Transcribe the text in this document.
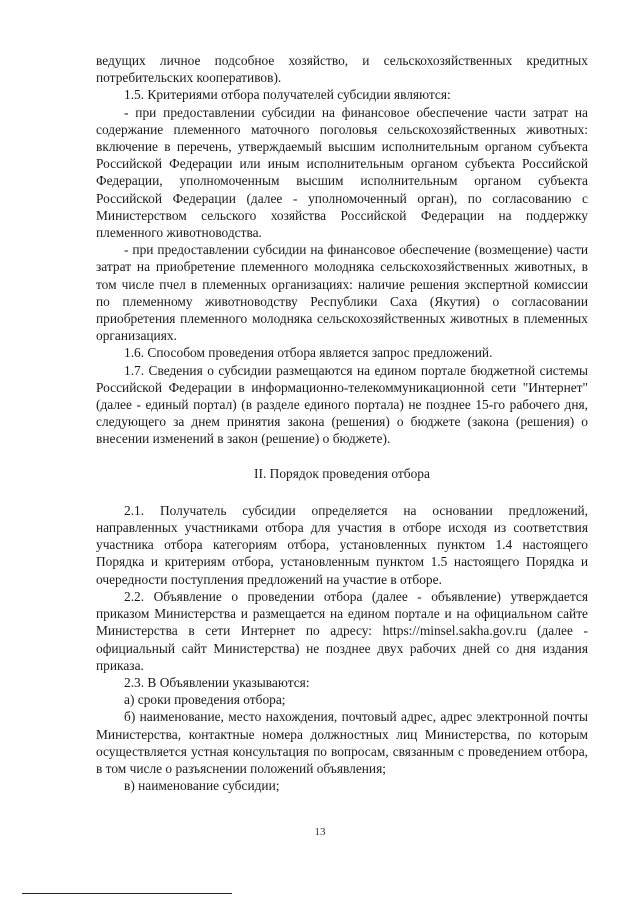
ведущих личное подсобное хозяйство, и сельскохозяйственных кредитных потребительских кооперативов).

1.5. Критериями отбора получателей субсидии являются:

- при предоставлении субсидии на финансовое обеспечение части затрат на содержание племенного маточного поголовья сельскохозяйственных животных: включение в перечень, утверждаемый высшим исполнительным органом субъекта Российской Федерации или иным исполнительным органом субъекта Российской Федерации, уполномоченным высшим исполнительным органом субъекта Российской Федерации (далее - уполномоченный орган), по согласованию с Министерством сельского хозяйства Российской Федерации на поддержку племенного животноводства.

- при предоставлении субсидии на финансовое обеспечение (возмещение) части затрат на приобретение племенного молодняка сельскохозяйственных животных, в том числе пчел в племенных организациях: наличие решения экспертной комиссии по племенному животноводству Республики Саха (Якутия) о согласовании приобретения племенного молодняка сельскохозяйственных животных в племенных организациях.

1.6. Способом проведения отбора является запрос предложений.

1.7. Сведения о субсидии размещаются на едином портале бюджетной системы Российской Федерации в информационно-телекоммуникационной сети "Интернет" (далее - единый портал) (в разделе единого портала) не позднее 15-го рабочего дня, следующего за днем принятия закона (решения) о бюджете (закона (решения) о внесении изменений в закон (решение) о бюджете).

II. Порядок проведения отбора

2.1. Получатель субсидии определяется на основании предложений, направленных участниками отбора для участия в отборе исходя из соответствия участника отбора категориям отбора, установленных пунктом 1.4 настоящего Порядка и критериям отбора, установленным пунктом 1.5 настоящего Порядка и очередности поступления предложений на участие в отборе.

2.2. Объявление о проведении отбора (далее - объявление) утверждается приказом Министерства и размещается на едином портале и на официальном сайте Министерства в сети Интернет по адресу: https://minsel.sakha.gov.ru (далее - официальный сайт Министерства) не позднее двух рабочих дней со дня издания приказа.

2.3. В Объявлении указываются:

а) сроки проведения отбора;

б) наименование, место нахождения, почтовый адрес, адрес электронной почты Министерства, контактные номера должностных лиц Министерства, по которым осуществляется устная консультация по вопросам, связанным с проведением отбора, в том числе о разъяснении положений объявления;

в) наименование субсидии;

13
